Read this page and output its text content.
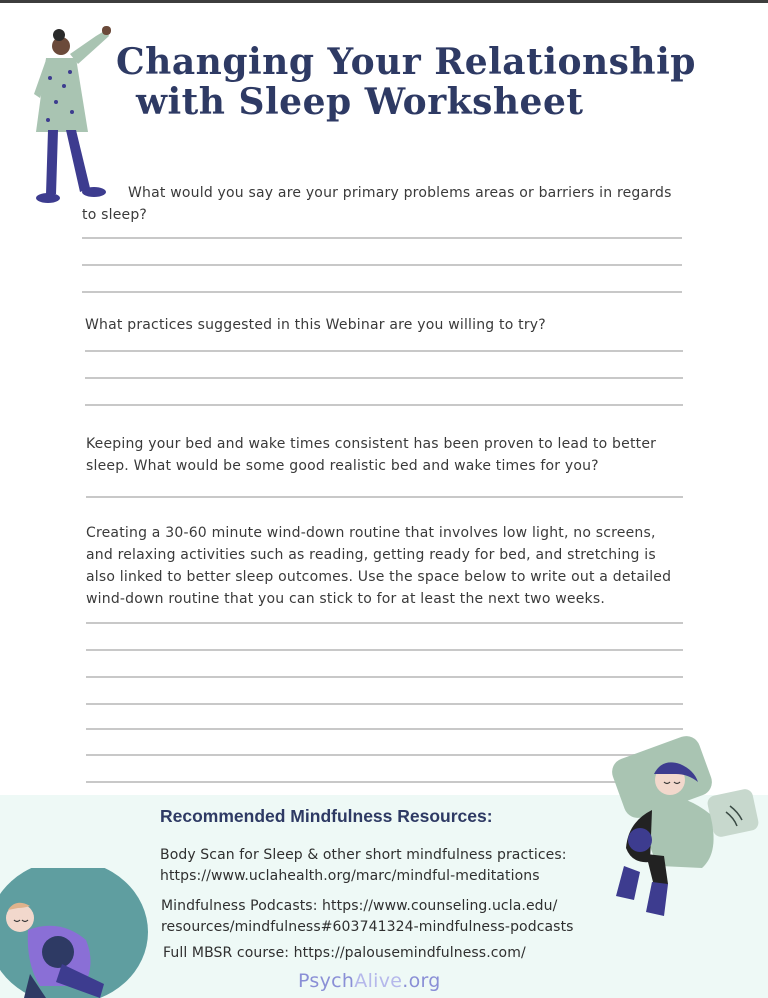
Changing Your Relationship
with Sleep Worksheet

What would you say are your primary problems areas or barriers in regards to sleep?

What practices suggested in this Webinar are you willing to try?

Keeping your bed and wake times consistent has been proven to lead to better sleep. What would be some good realistic bed and wake times for you?

Creating a 30-60 minute wind-down routine that involves low light, no screens, and relaxing activities such as reading, getting ready for bed, and stretching is also linked to better sleep outcomes. Use the space below to write out a detailed wind-down routine that you can stick to for at least the next two weeks.

Recommended Mindfulness Resources:

Body Scan for Sleep & other short mindfulness practices:
https://www.uclahealth.org/marc/mindful-meditations

Mindfulness Podcasts: https://www.counseling.ucla.edu/
resources/mindfulness#603741324-mindfulness-podcasts

Full MBSR course: https://palousemindfulness.com/

PsychAlive.org
